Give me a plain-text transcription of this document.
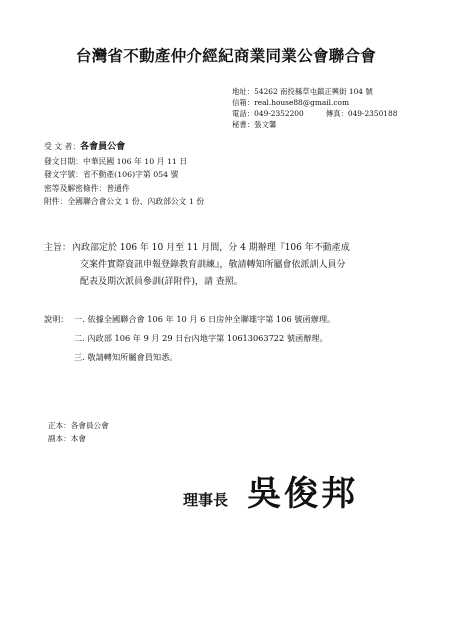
台灣省不動產仲介經紀商業同業公會聯合會
地址：54262 南投縣草屯鎮正興街 104 號
信箱：real.house88@gmail.com
電話：049-2352200	傳真：049-2350188
秘書：張文馨
受 文 者：各會員公會
發文日期：中華民國 106 年 10 月 11 日
發文字號：省不動產(106)字第 054 號
密等及解密條件：普通件
附件：全國聯合會公文 1 份、內政部公文 1 份
主旨： 內政部定於 106 年 10 月至 11 月間，分 4 期辦理『106 年不動產成
交案件實際資訊申報登錄教育訓練』，敬請轉知所屬會依派訓人員分
配表及期次派員參訓(詳附件)，請 查照。
說明： 一. 依據全國聯合會 106 年 10 月 6 日房仲全聯雄字第 106 號函辦理。
二. 內政部 106 年 9 月 29 日台內地字第 10613063722 號函辦理。
三. 敬請轉知所屬會員知悉。
正本：各會員公會
副本：本會
理事長 吳俊邦
